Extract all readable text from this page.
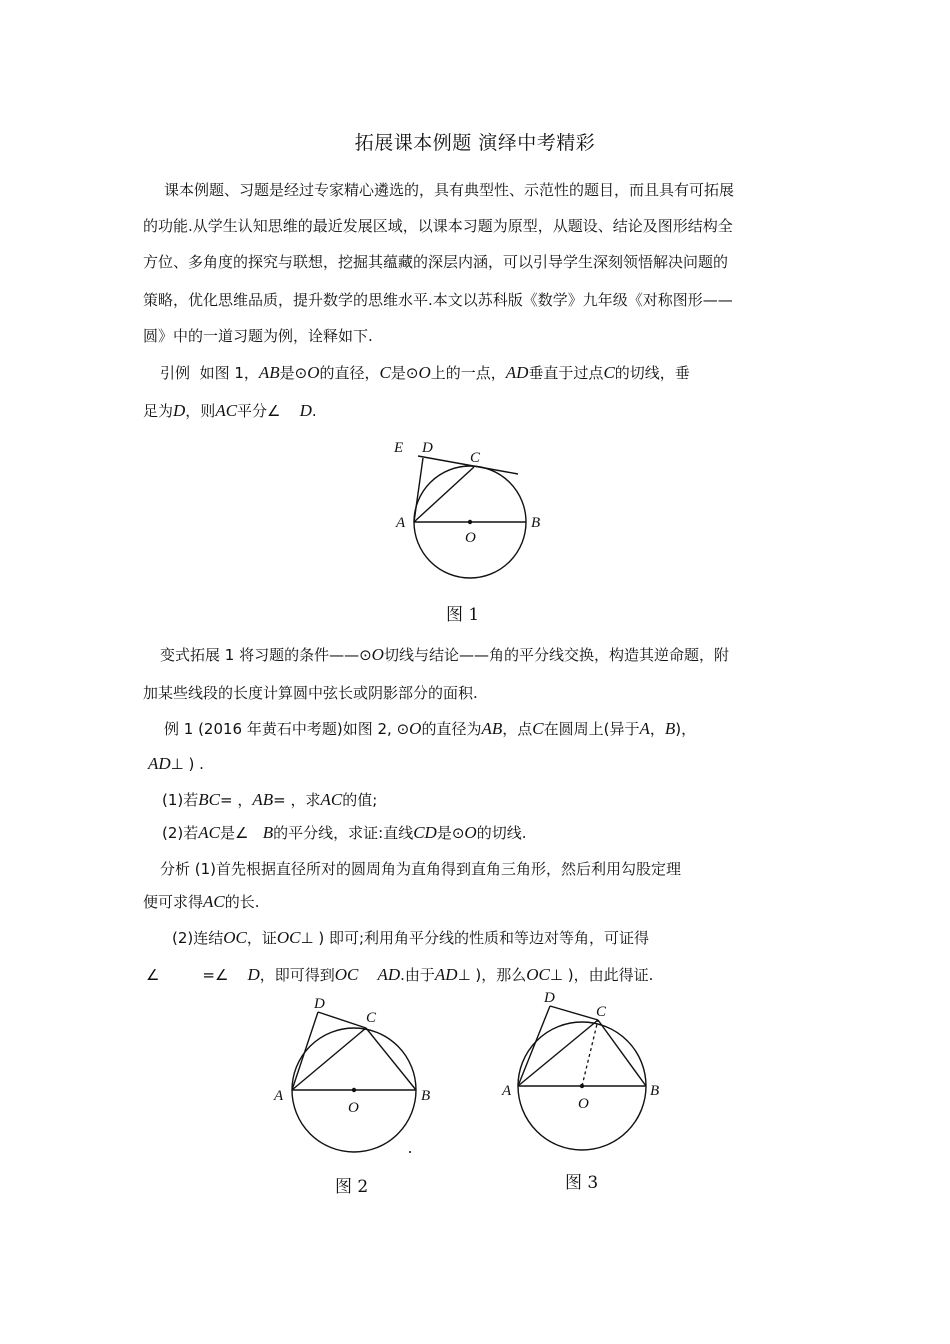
拓展课本例题 演绎中考精彩
课本例题、习题是经过专家精心遴选的，具有典型性、示范性的题目，而且具有可拓展
的功能.从学生认知思维的最近发展区域，以课本习题为原型，从题设、结论及图形结构全
方位、多角度的探究与联想，挖掘其蕴藏的深层内涵，可以引导学生深刻领悟解决问题的
策略，优化思维品质，提升数学的思维水平.本文以苏科版《数学》九年级《对称图形——
圆》中的一道习题为例，诠释如下.
引例 如图 1，AB是⊙O的直径，C是⊙O上的一点，AD垂直于过点C的切线，垂
足为D，则AC平分∠ D.
E D
C
A	B
O
图 1
变式拓展 1 将习题的条件——⊙O切线与结论——角的平分线交换，构造其逆命题，附
加某些线段的长度计算圆中弦长或阴影部分的面积.
例 1 (2016 年黄石中考题)如图 2, ⊙O的直径为AB，点C在圆周上(异于A，B)，
AD⊥ ) .
(1)若BC= ，AB= ，求AC的值;
(2)若AC是∠ B的平分线，求证:直线CD是⊙O的切线.
分析 (1)首先根据直径所对的圆周角为直角得到直角三角形，然后利用勾股定理
便可求得AC的长.
(2)连结OC，证OC⊥ ) 即可;利用角平分线的性质和等边对等角，可证得
∠	=∠ D，即可得到OC AD.由于AD⊥ )，那么OC⊥ )，由此得证.
D
C
A	B
O
图 2
D
C
A	B
O
图 3
